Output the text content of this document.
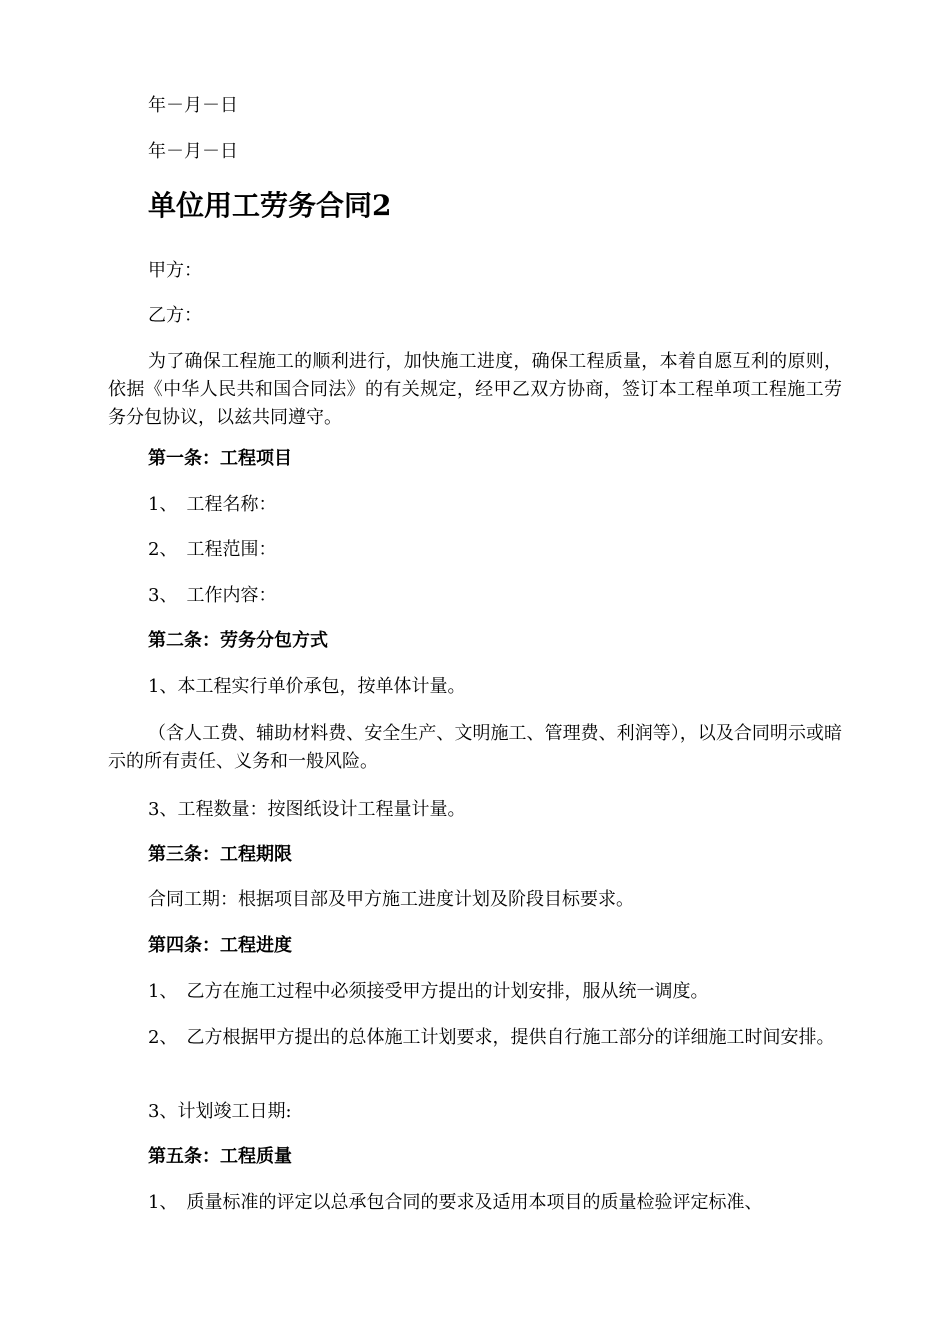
年－月－日

年－月－日

单位用工劳务合同2

甲方：

乙方：

为了确保工程施工的顺利进行，加快施工进度，确保工程质量，本着自愿互利的原则，依据《中华人民共和国合同法》的有关规定，经甲乙双方协商，签订本工程单项工程施工劳务分包协议，以兹共同遵守。

第一条：工程项目

1、　工程名称：

2、　工程范围：

3、　工作内容：

第二条：劳务分包方式

1、本工程实行单价承包，按单体计量。

（含人工费、辅助材料费、安全生产、文明施工、管理费、利润等），以及合同明示或暗示的所有责任、义务和一般风险。

3、工程数量：按图纸设计工程量计量。

第三条：工程期限

合同工期：根据项目部及甲方施工进度计划及阶段目标要求。

第四条：工程进度

1、　乙方在施工过程中必须接受甲方提出的计划安排，服从统一调度。

2、　乙方根据甲方提出的总体施工计划要求，提供自行施工部分的详细施工时间安排。

3、计划竣工日期:

第五条：工程质量

1、　质量标准的评定以总承包合同的要求及适用本项目的质量检验评定标准、
